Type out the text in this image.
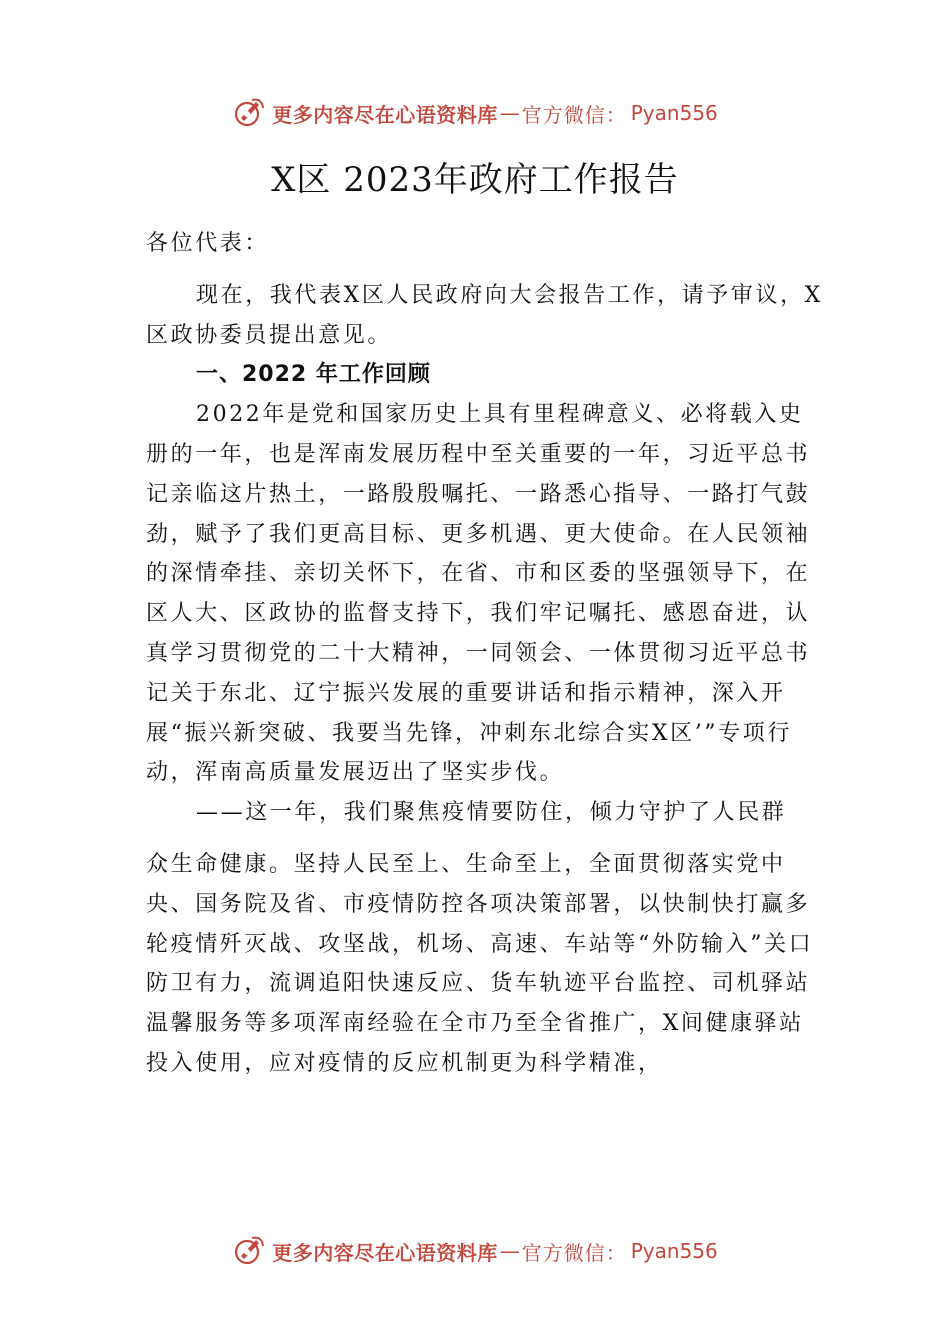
更多内容尽在心语资料库 — 官方微信： Pyan556
X区 2023年政府工作报告

各位代表：

现在，我代表X区人民政府向大会报告工作，请予审议，X区政协委员提出意见。

一、2022 年工作回顾

2022年是党和国家历史上具有里程碑意义、必将载入史册的一年，也是浑南发展历程中至关重要的一年，习近平总书记亲临这片热土，一路殷殷嘱托、一路悉心指导、一路打气鼓劲，赋予了我们更高目标、更多机遇、更大使命。在人民领袖的深情牵挂、亲切关怀下，在省、市和区委的坚强领导下，在区人大、区政协的监督支持下，我们牢记嘱托、感恩奋进，认真学习贯彻党的二十大精神，一同领会、一体贯彻习近平总书记关于东北、辽宁振兴发展的重要讲话和指示精神，深入开展“振兴新突破、我要当先锋，冲刺东北综合实X区’”专项行动，浑南高质量发展迈出了坚实步伐。

——这一年，我们聚焦疫情要防住，倾力守护了人民群

众生命健康。坚持人民至上、生命至上，全面贯彻落实党中央、国务院及省、市疫情防控各项决策部署，以快制快打赢多轮疫情歼灭战、攻坚战，机场、高速、车站等“外防输入”关口防卫有力，流调追阳快速反应、货车轨迹平台监控、司机驿站温馨服务等多项浑南经验在全市乃至全省推广，X间健康驿站投入使用，应对疫情的反应机制更为科学精准，

更多内容尽在心语资料库 — 官方微信： Pyan556
